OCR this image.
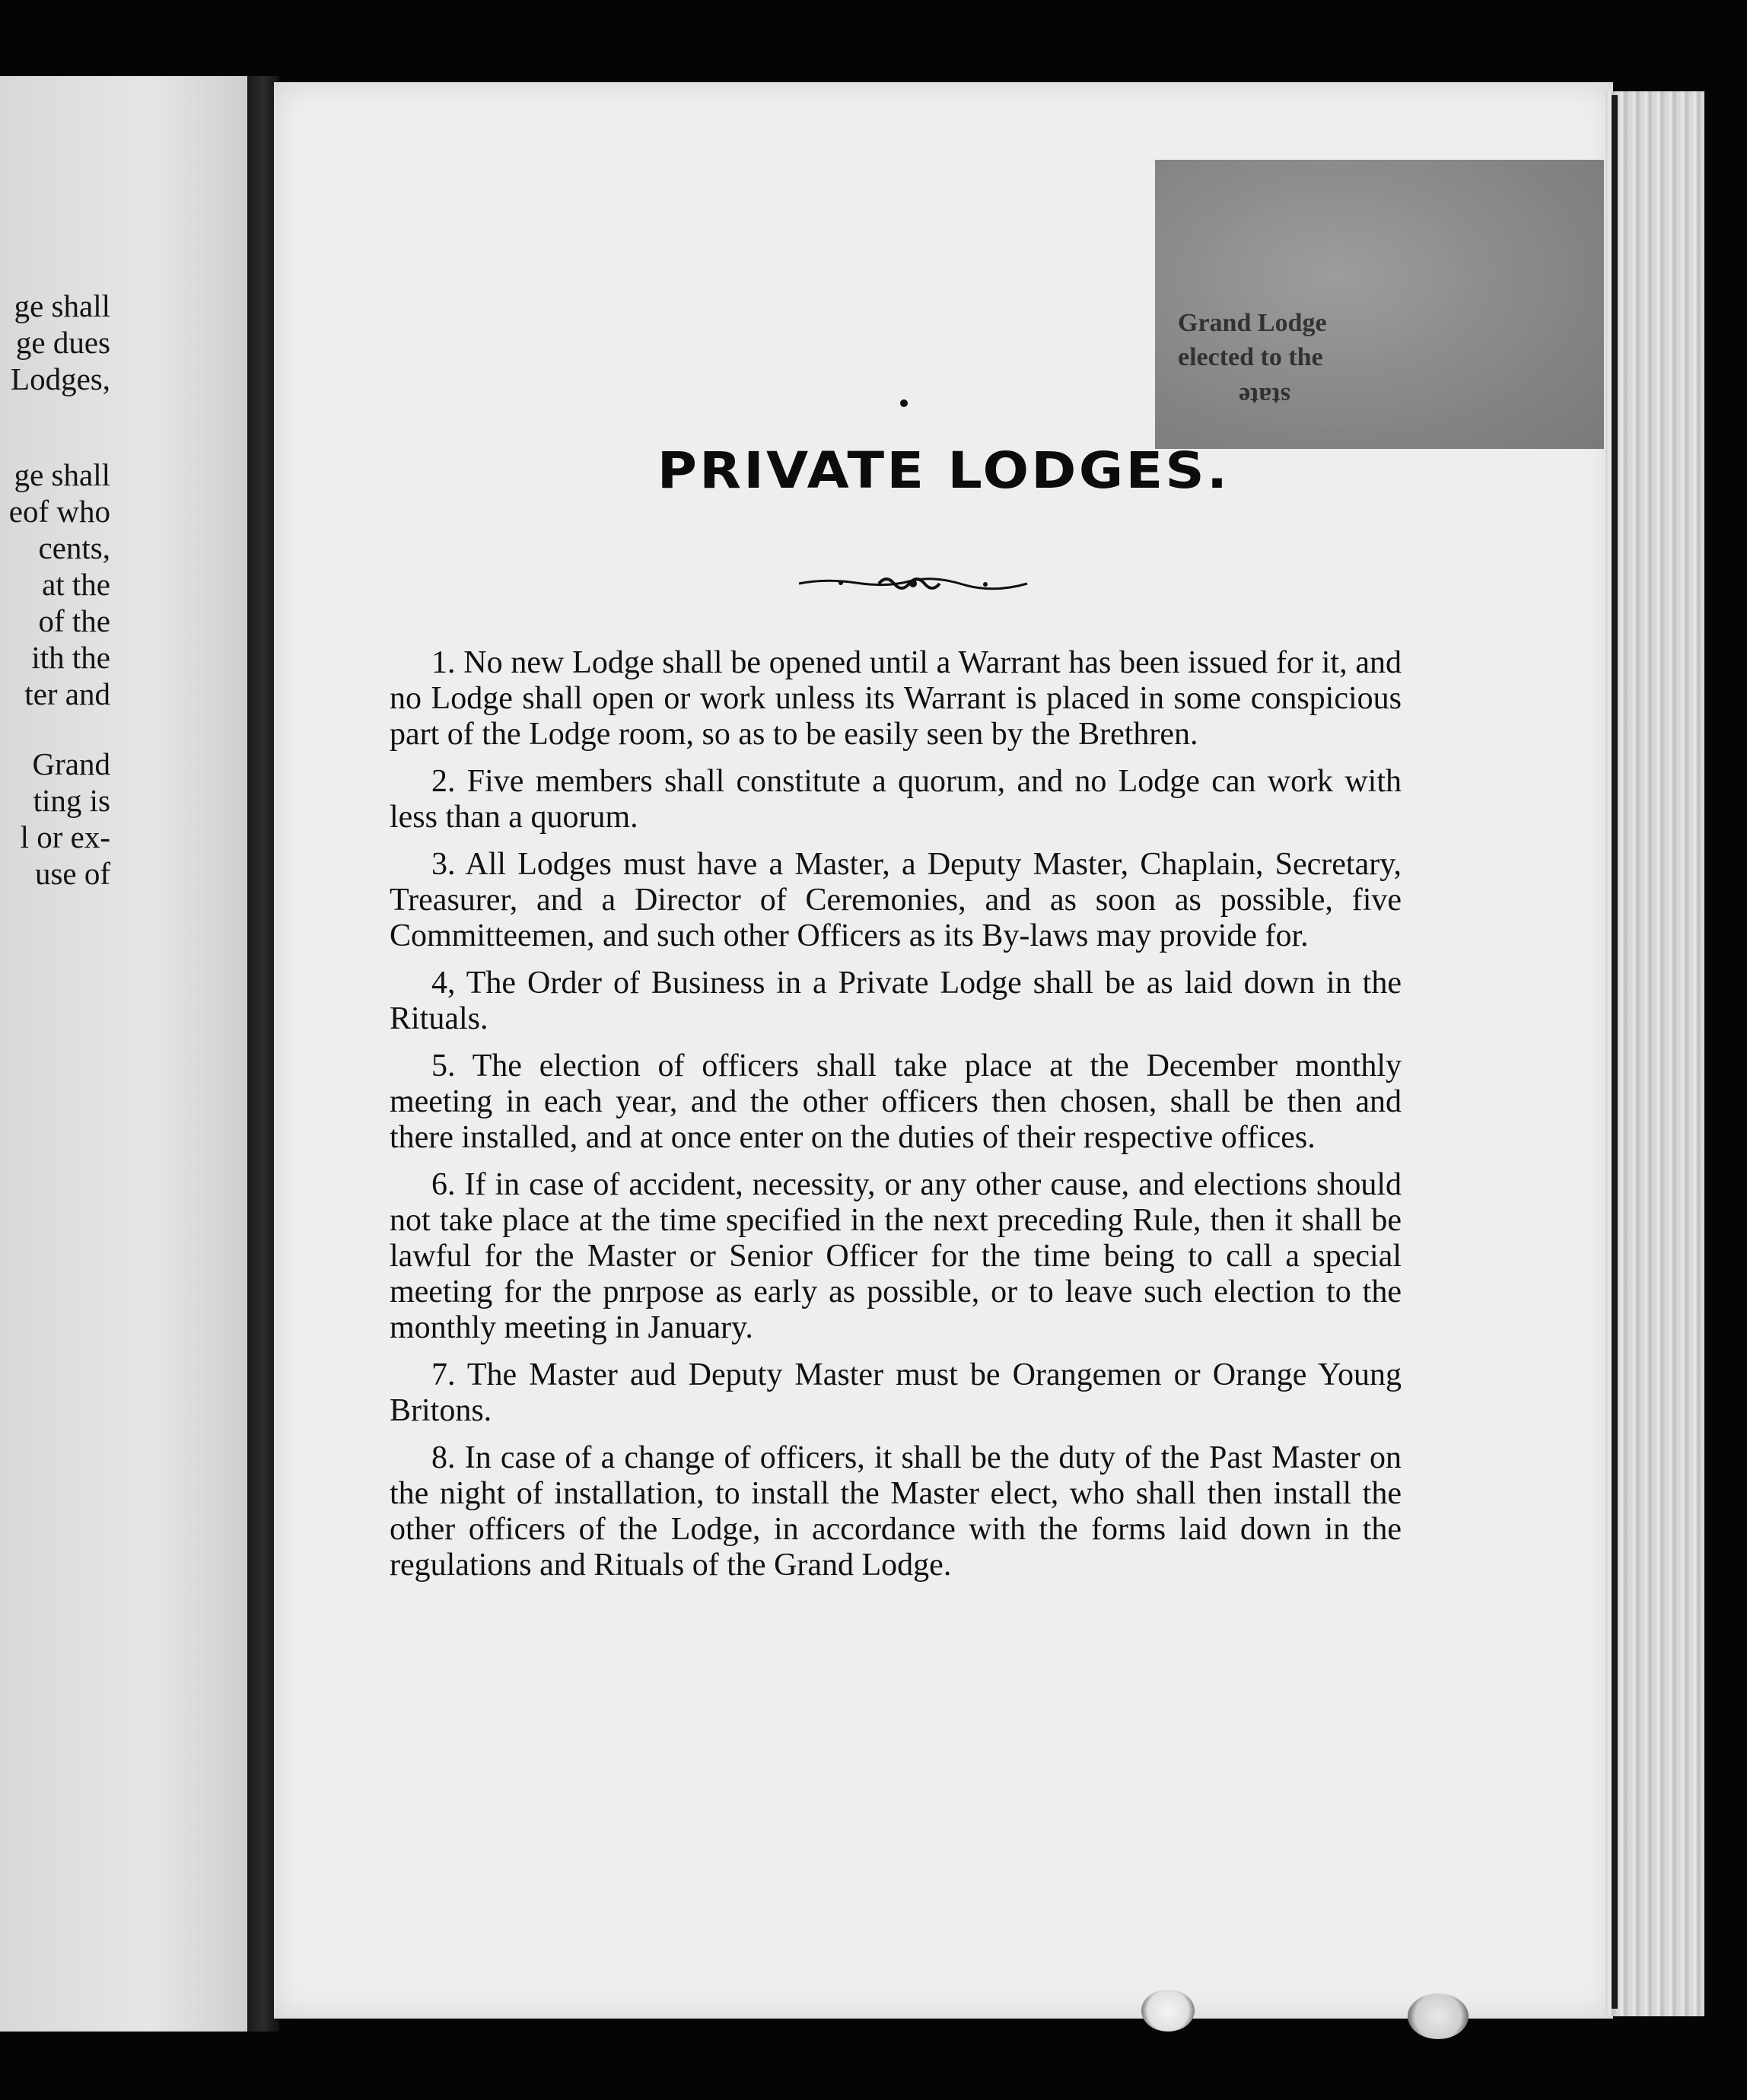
ge shall
ge dues
Lodges,
ge shall
eof who
cents,
at the
of the
ith the
ter and
Grand
ting is
l or ex-
use of
Grand Lodge
elected to the
state
PRIVATE LODGES.

1. No new Lodge shall be opened until a Warrant has been issued for it, and no Lodge shall open or work unless its Warrant is placed in some conspicious part of the Lodge room, so as to be easily seen by the Brethren.

2. Five members shall constitute a quorum, and no Lodge can work with less than a quorum.

3. All Lodges must have a Master, a Deputy Master, Chaplain, Secretary, Treasurer, and a Director of Ceremonies, and as soon as possible, five Committeemen, and such other Officers as its By-laws may provide for.

4, The Order of Business in a Private Lodge shall be as laid down in the Rituals.

5. The election of officers shall take place at the December monthly meeting in each year, and the other officers then chosen, shall be then and there installed, and at once enter on the duties of their respective offices.

6. If in case of accident, necessity, or any other cause, and elections should not take place at the time specified in the next preceding Rule, then it shall be lawful for the Master or Senior Officer for the time being to call a special meeting for the pnrpose as early as possible, or to leave such election to the monthly meeting in January.

7. The Master aud Deputy Master must be Orangemen or Orange Young Britons.

8. In case of a change of officers, it shall be the duty of the Past Master on the night of installation, to install the Master elect, who shall then install the other officers of the Lodge, in accordance with the forms laid down in the regulations and Rituals of the Grand Lodge.
